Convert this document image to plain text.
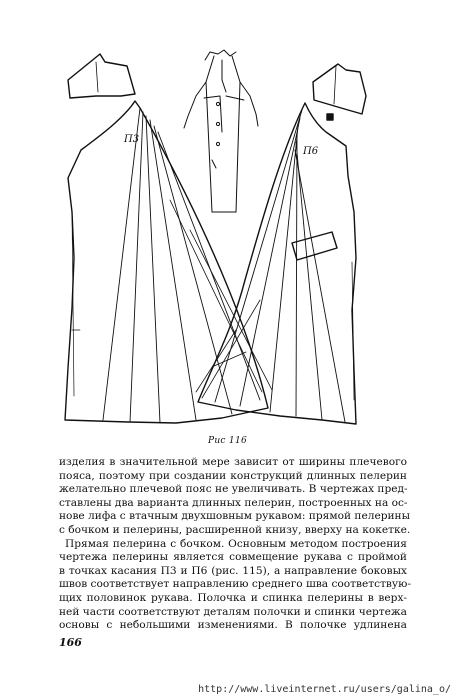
П3
П6
Рис 116

изделия в значительной мере зависит от ширины плечевого
пояса, поэтому при создании конструкций длинных пелерин
желательно плечевой пояс не увеличивать. В чертежах пред-
ставлены два варианта длинных пелерин, построенных на ос-
нове лифа с втачным двухшовным рукавом: прямой пелерины
с бочком и пелерины, расширенной книзу, вверху на кокетке.

Прямая пелерина с бочком. Основным методом построения
чертежа пелерины является совмещение рукава с проймой
в точках касания П3 и П6 (рис. 115), а направление боковых
швов соответствует направлению среднего шва соответствую-
щих половинок рукава. Полочка и спинка пелерины в верх-
ней части соответствуют деталям полочки и спинки чертежа
основы с небольшими изменениями. В полочке удлинена

166
http://www.liveinternet.ru/users/galina_o/
